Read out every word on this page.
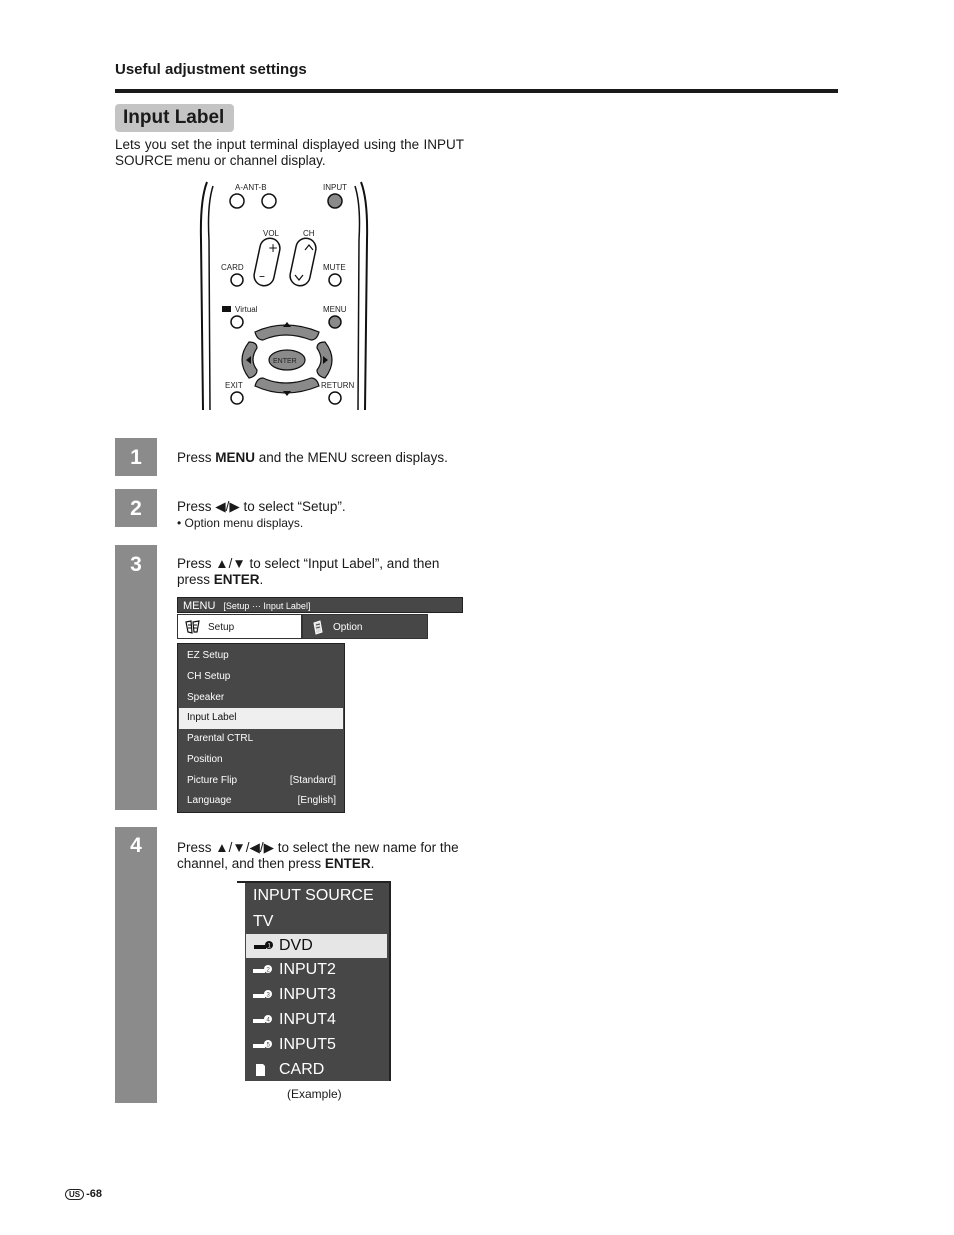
Useful adjustment settings
Input Label
Lets you set the input terminal displayed using the INPUT SOURCE menu or channel display.
A-ANT-B	INPUT
VOL	CH
+
–
CARD	MUTE
Virtual	MENU
ENTER
EXIT	RETURN
1	Press MENU and the MENU screen displays.
2	Press ◀/▶ to select “Setup”.
• Option menu displays.
3	Press ▲/▼ to select “Input Label”, and then press ENTER.
MENU [Setup ··· Input Label]
Setup	Option
EZ Setup
CH Setup
Speaker
Input Label
Parental CTRL
Position
Picture Flip	[Standard]
Language	[English]
4	Press ▲/▼/◀/▶ to select the new name for the channel, and then press ENTER.
INPUT SOURCE
TV
1 DVD
2 INPUT2
3 INPUT3
4 INPUT4
5 INPUT5
CARD
(Example)
US -68
